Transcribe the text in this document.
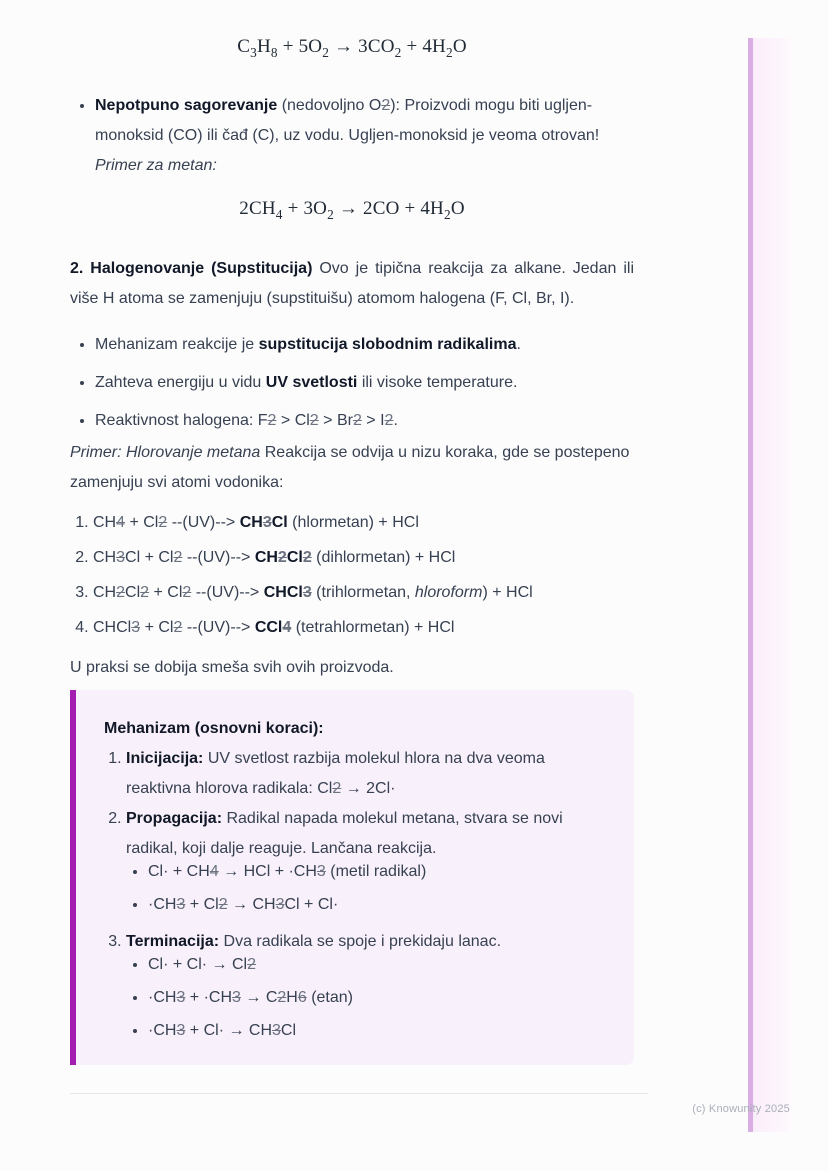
$C_3H_8 + 5O_2 \to 3CO_2 + 4H_2O$
• Nepotpuno sagorevanje (nedovoljno O2): Proizvodi mogu biti ugljen-monoksid (CO) ili čađ (C), uz vodu. Ugljen-monoksid je veoma otrovan!
Primer za metan:
$2CH_4 + 3O_2 \to 2CO + 4H_2O$
2. Halogenovanje (Supstitucija) Ovo je tipična reakcija za alkane. Jedan ili više H atoma se zamenjuju (supstituišu) atomom halogena (F, Cl, Br, I).
• Mehanizam reakcije je supstitucija slobodnim radikalima.
• Zahteva energiju u vidu UV svetlosti ili visoke temperature.
• Reaktivnost halogena: F2 > Cl2 > Br2 > I2.
Primer: Hlorovanje metana Reakcija se odvija u nizu koraka, gde se postepeno zamenjuju svi atomi vodonika:
1. CH4 + Cl2 --(UV)--> CH3Cl (hlormetan) + HCl
2. CH3Cl + Cl2 --(UV)--> CH2Cl2 (dihlormetan) + HCl
3. CH2Cl2 + Cl2 --(UV)--> CHCl3 (trihlormetan, hloroform) + HCl
4. CHCl3 + Cl2 --(UV)--> CCl4 (tetrahlormetan) + HCl
U praksi se dobija smeša svih ovih proizvoda.
Mehanizam (osnovni koraci):
1. Inicijacija: UV svetlost razbija molekul hlora na dva veoma reaktivna hlorova radikala: Cl2 → 2Cl·
2. Propagacija: Radikal napada molekul metana, stvara se novi radikal, koji dalje reaguje. Lančana reakcija.
• Cl· + CH4 → HCl + ·CH3 (metil radikal)
• ·CH3 + Cl2 → CH3Cl + Cl·
3. Terminacija: Dva radikala se spoje i prekidaju lanac.
• Cl· + Cl· → Cl2
• ·CH3 + ·CH3 → C2H6 (etan)
• ·CH3 + Cl· → CH3Cl
(c) Knowunity 2025
